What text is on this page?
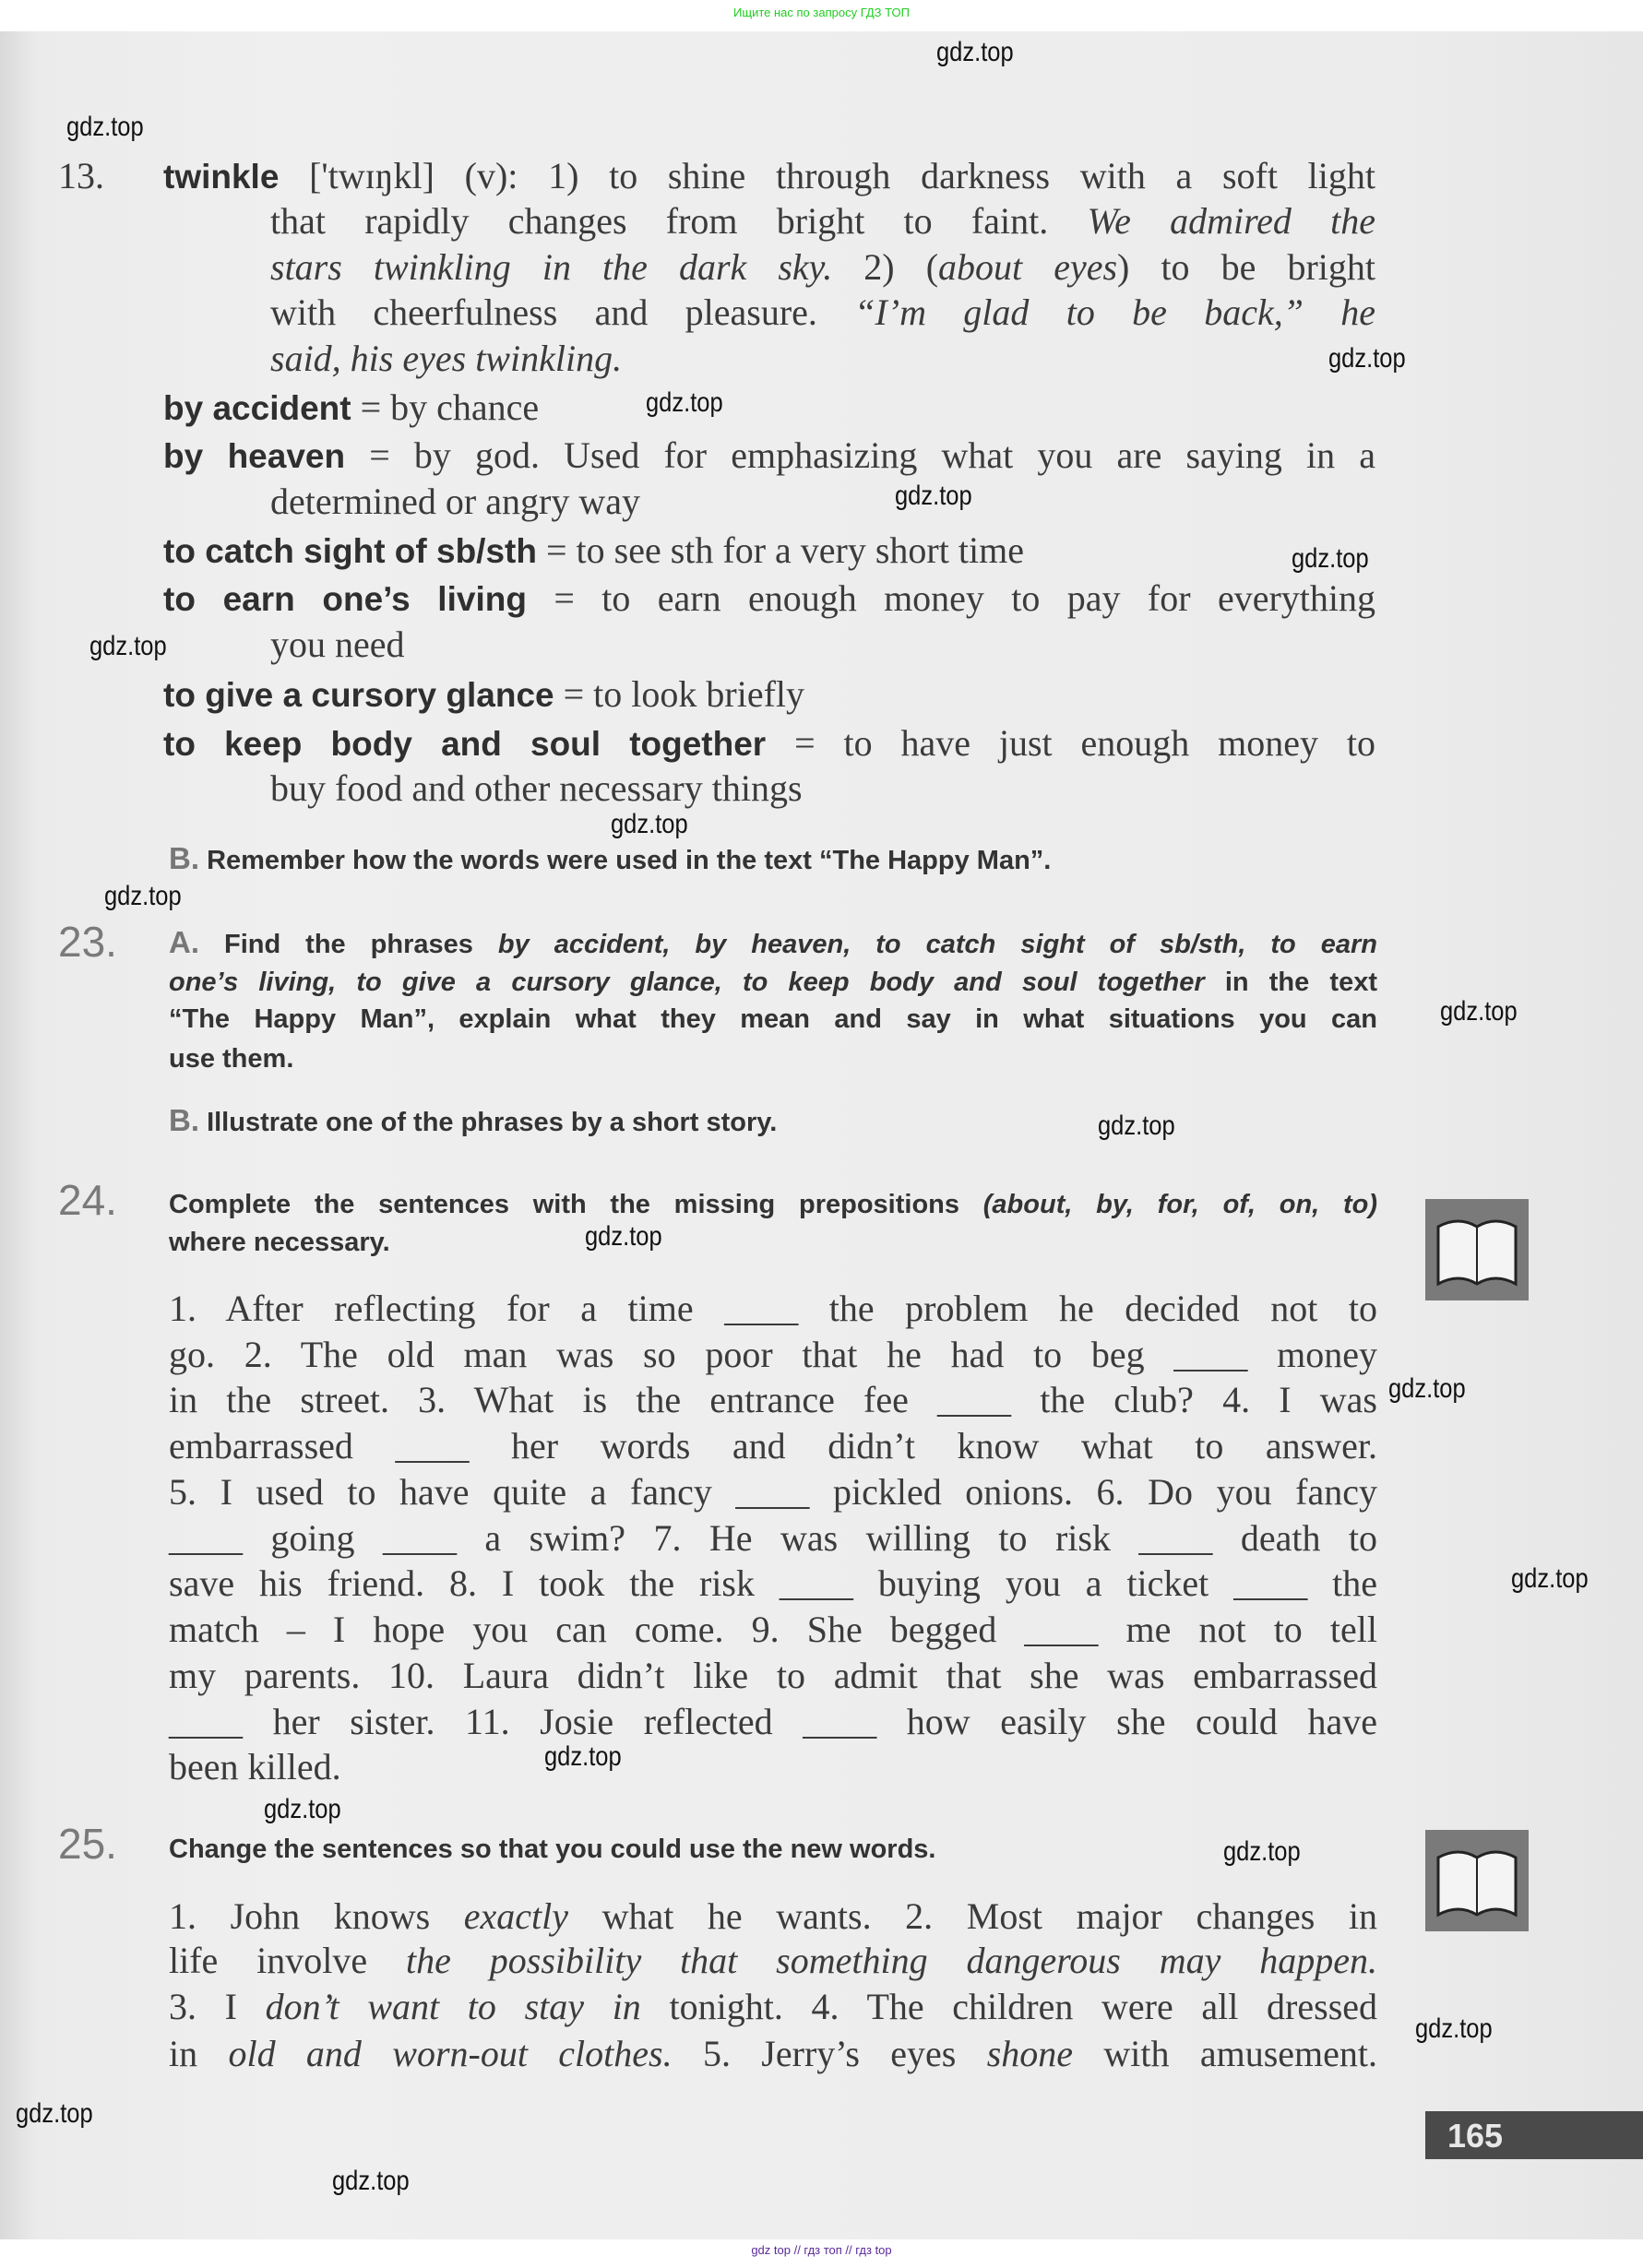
Ищите нас по запросу ГДЗ ТОП
13. twinkle ['twɪŋkl] (v): 1) to shine through darkness with a soft light
that rapidly changes from bright to faint. We admired the
stars twinkling in the dark sky. 2) (about eyes) to be bright
with cheerfulness and pleasure. “I’m glad to be back,” he
said, his eyes twinkling.
by accident = by chance
by heaven = by god. Used for emphasizing what you are saying in a
determined or angry way
to catch sight of sb/sth = to see sth for a very short time
to earn one’s living = to earn enough money to pay for everything
you need
to give a cursory glance = to look briefly
to keep body and soul together = to have just enough money to
buy food and other necessary things
B. Remember how the words were used in the text “The Happy Man”.
23. A. Find the phrases by accident, by heaven, to catch sight of sb/sth, to earn
one’s living, to give a cursory glance, to keep body and soul together in the text
“The Happy Man”, explain what they mean and say in what situations you can
use them.
B. Illustrate one of the phrases by a short story.
24. Complete the sentences with the missing prepositions (about, by, for, of, on, to)
where necessary.
1. After reflecting for a time ____ the problem he decided not to
go. 2. The old man was so poor that he had to beg ____ money
in the street. 3. What is the entrance fee ____ the club? 4. I was
embarrassed ____ her words and didn’t know what to answer.
5. I used to have quite a fancy ____ pickled onions. 6. Do you fancy
____ going ____ a swim? 7. He was willing to risk ____ death to
save his friend. 8. I took the risk ____ buying you a ticket ____ the
match – I hope you can come. 9. She begged ____ me not to tell
my parents. 10. Laura didn’t like to admit that she was embarrassed
____ her sister. 11. Josie reflected ____ how easily she could have
been killed.
25. Change the sentences so that you could use the new words.
1. John knows exactly what he wants. 2. Most major changes in
life involve the possibility that something dangerous may happen.
3. I don’t want to stay in tonight. 4. The children were all dressed
in old and worn-out clothes. 5. Jerry’s eyes shone with amusement.
165
gdz.top
gdz.top
gdz.top
gdz.top
gdz.top
gdz.top
gdz.top
gdz.top
gdz.top
gdz.top
gdz.top
gdz.top
gdz.top
gdz.top
gdz.top
gdz.top
gdz.top
gdz.top
gdz.top
gdz.top
gdz top // гдз топ // гдз top
